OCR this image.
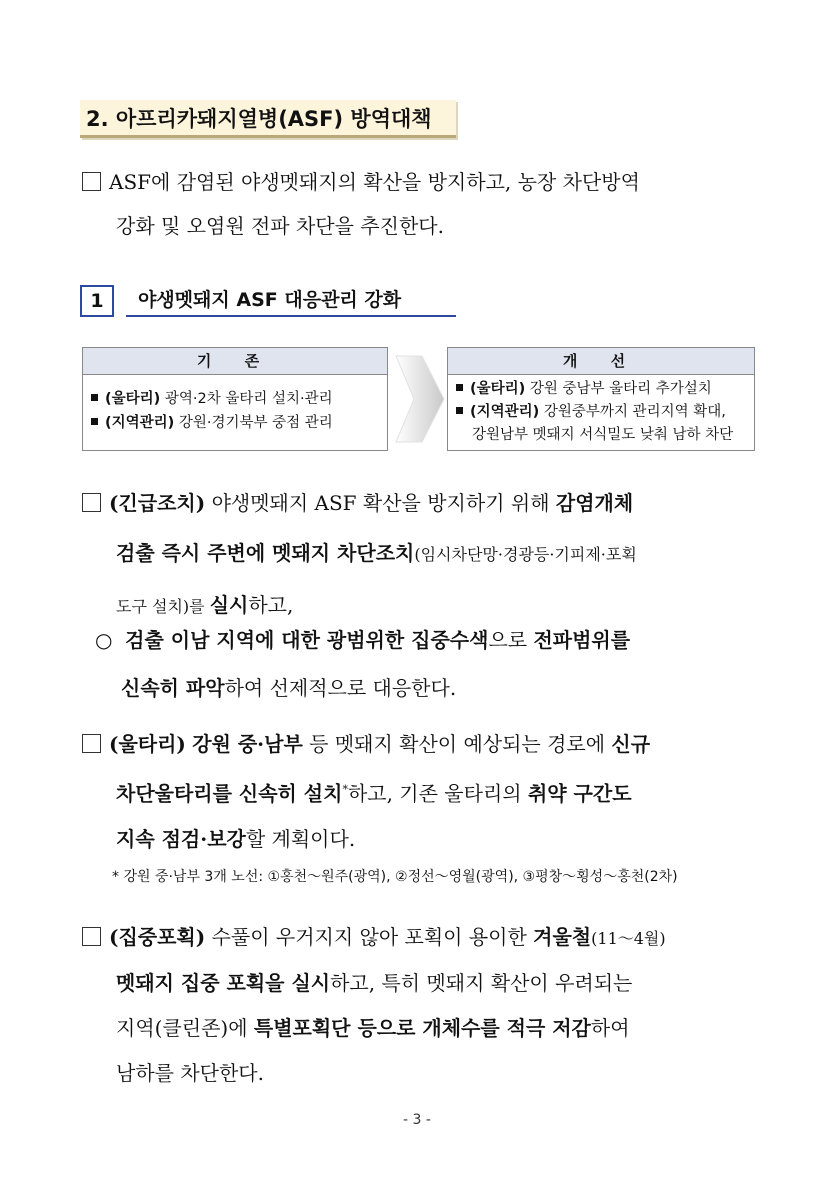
2. 아프리카돼지열병(ASF) 방역대책

ASF에 감염된 야생멧돼지의 확산을 방지하고, 농장 차단방역

강화 및 오염원 전파 차단을 추진한다.

1	야생멧돼지 ASF 대응관리 강화
기 존
(울타리) 광역·2차 울타리 설치·관리
(지역관리) 강원·경기북부 중점 관리
개 선
(울타리) 강원 중남부 울타리 추가설치
(지역관리) 강원중부까지 관리지역 확대,
강원남부 멧돼지 서식밀도 낮춰 남하 차단

(긴급조치) 야생멧돼지 ASF 확산을 방지하기 위해 감염개체

검출 즉시 주변에 멧돼지 차단조치(임시차단망·경광등·기피제·포획

도구 설치)를 실시하고,

○ 검출 이남 지역에 대한 광범위한 집중수색으로 전파범위를

신속히 파악하여 선제적으로 대응한다.

(울타리) 강원 중·남부 등 멧돼지 확산이 예상되는 경로에 신규

차단울타리를 신속히 설치*하고, 기존 울타리의 취약 구간도

지속 점검·보강할 계획이다.

* 강원 중·남부 3개 노선: ①홍천～원주(광역), ②정선～영월(광역), ③평창～횡성～홍천(2차)

(집중포획) 수풀이 우거지지 않아 포획이 용이한 겨울철(11～4월)

멧돼지 집중 포획을 실시하고, 특히 멧돼지 확산이 우려되는

지역(클린존)에 특별포획단 등으로 개체수를 적극 저감하여

남하를 차단한다.

- 3 -
